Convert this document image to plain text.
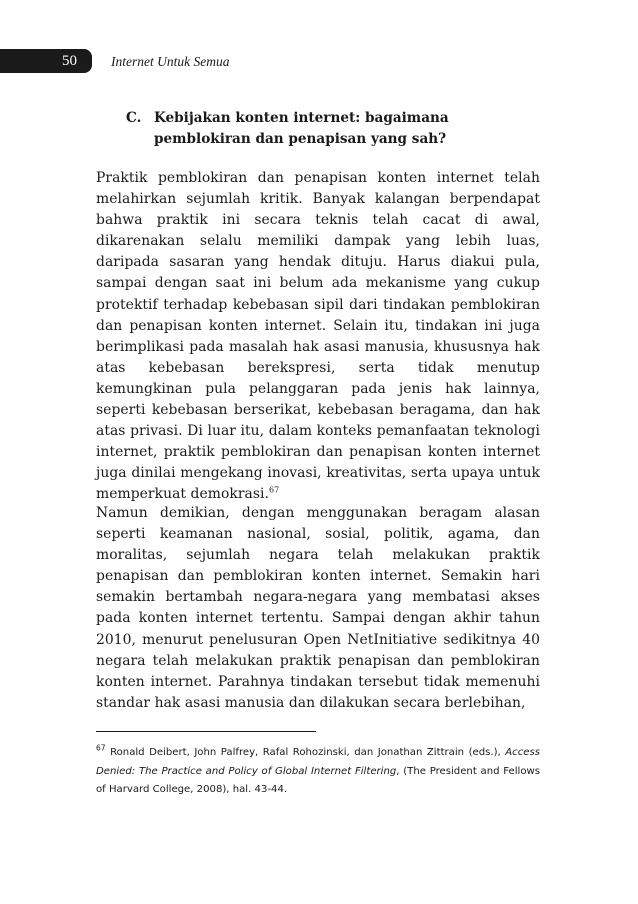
50	Internet Untuk Semua
C. Kebijakan konten internet: bagaimana pemblokiran dan penapisan yang sah?

Praktik pemblokiran dan penapisan konten internet telah melahirkan sejumlah kritik. Banyak kalangan berpendapat bahwa praktik ini secara teknis telah cacat di awal, dikarenakan selalu memiliki dampak yang lebih luas, daripada sasaran yang hendak dituju. Harus diakui pula, sampai dengan saat ini belum ada mekanisme yang cukup protektif terhadap kebebasan sipil dari tindakan pemblokiran dan penapisan konten internet. Selain itu, tindakan ini juga berimplikasi pada masalah hak asasi manusia, khususnya hak atas kebebasan berekspresi, serta tidak menutup kemungkinan pula pelanggaran pada jenis hak lainnya, seperti kebebasan berserikat, kebebasan beragama, dan hak atas privasi. Di luar itu, dalam konteks pemanfaatan teknologi internet, praktik pemblokiran dan penapisan konten internet juga dinilai mengekang inovasi, kreativitas, serta upaya untuk memperkuat demokrasi.$^{67}$

Namun demikian, dengan menggunakan beragam alasan seperti keamanan nasional, sosial, politik, agama, dan moralitas, sejumlah negara telah melakukan praktik penapisan dan pemblokiran konten internet. Semakin hari semakin bertambah negara-negara yang membatasi akses pada konten internet tertentu. Sampai dengan akhir tahun 2010, menurut penelusuran Open NetInitiative sedikitnya 40 negara telah melakukan praktik penapisan dan pemblokiran konten internet. Parahnya tindakan tersebut tidak memenuhi standar hak asasi manusia dan dilakukan secara berlebihan,

$^{67}$ Ronald Deibert, John Palfrey, Rafal Rohozinski, dan Jonathan Zittrain (eds.), Access Denied: The Practice and Policy of Global Internet Filtering, (The President and Fellows of Harvard College, 2008), hal. 43-44.
